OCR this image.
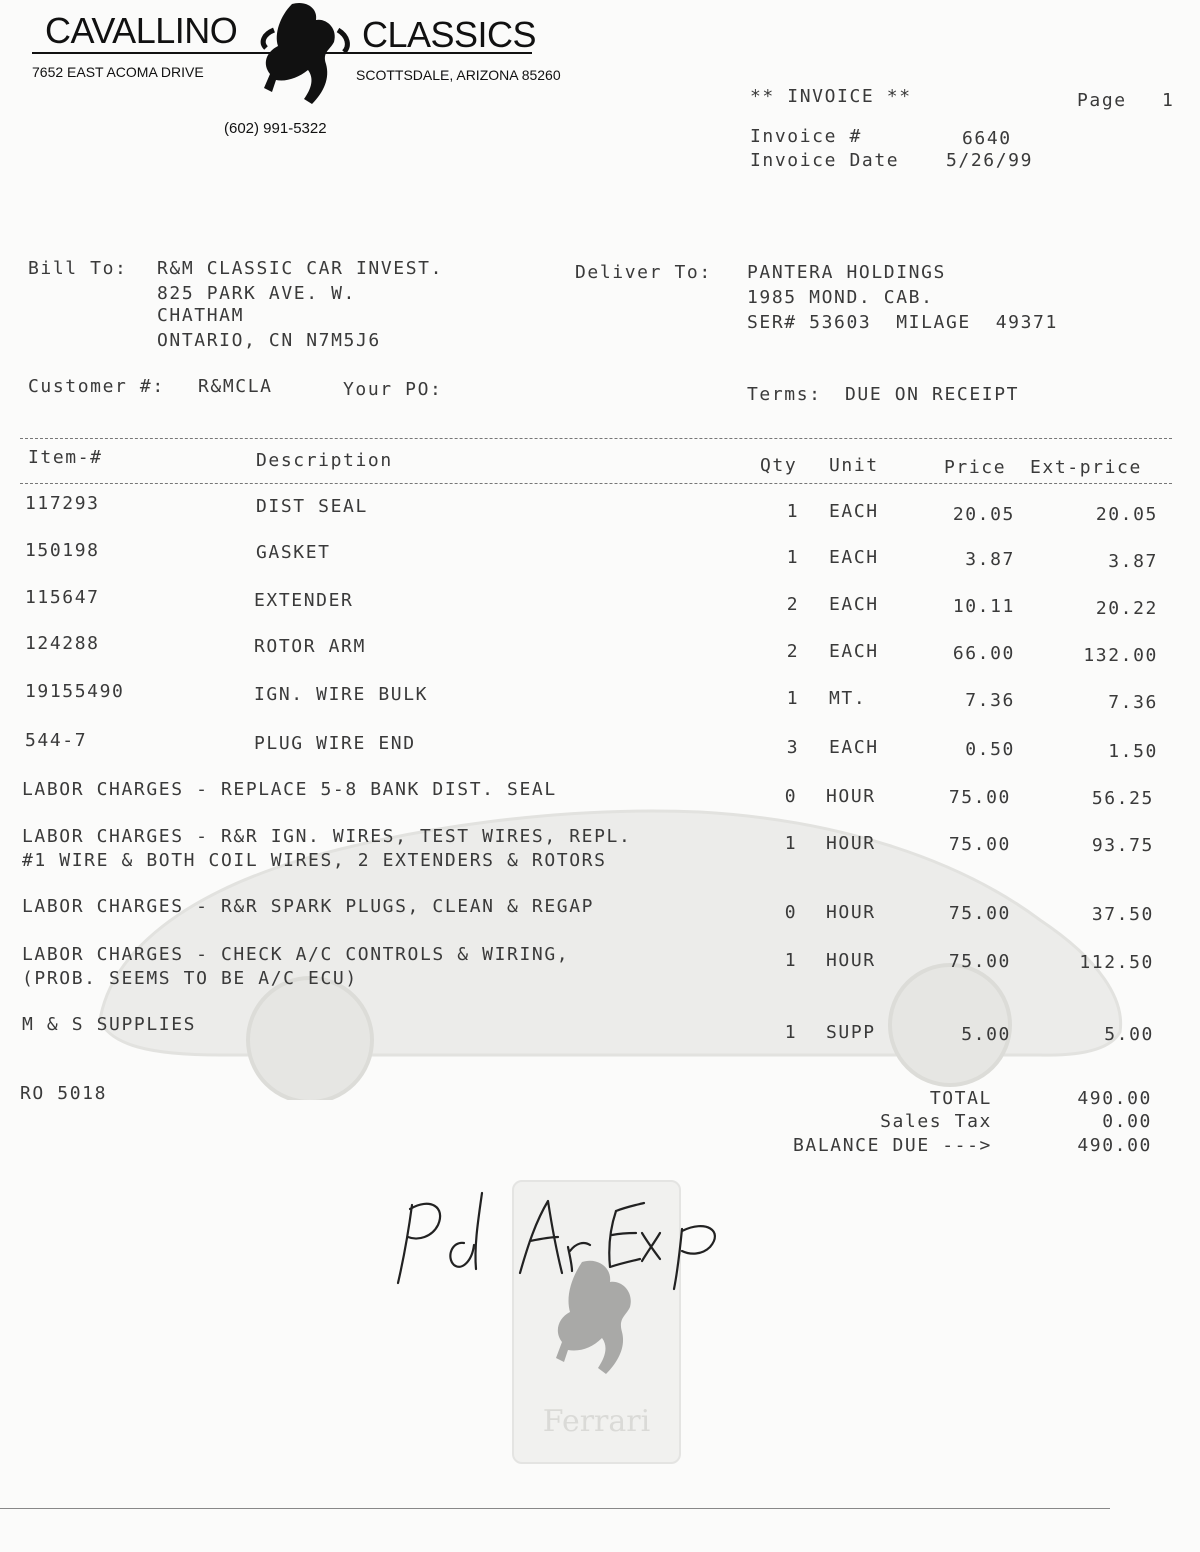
Ferrari

CAVALLINO	CLASSICS
7652 EAST ACOMA DRIVE	SCOTTSDALE, ARIZONA 85260
(602) 991-5322
** INVOICE **	Page 1
Invoice #	6640
Invoice Date	5/26/99
Bill To: R&M CLASSIC CAR INVEST.
825 PARK AVE. W.
CHATHAM
ONTARIO, CN N7M5J6
Deliver To: PANTERA HOLDINGS
1985 MOND. CAB.
SER# 53603  MILAGE  49371
Customer #: R&MCLA	Your PO:	Terms: DUE ON RECEIPT
Item-#	Description	Qty Unit	Price Ext-price
117293	DIST SEAL	1	EACH	20.05	20.05
150198	GASKET	1	EACH	3.87	3.87
115647	EXTENDER	2	EACH	10.11	20.22
124288	ROTOR ARM	2	EACH	66.00	132.00
19155490	IGN. WIRE BULK	1	MT.	7.36	7.36
544-7	PLUG WIRE END	3	EACH	0.50	1.50
LABOR CHARGES - REPLACE 5-8 BANK DIST. SEAL	0	HOUR	75.00	56.25
LABOR CHARGES - R&R IGN. WIRES, TEST WIRES, REPL.
#1 WIRE & BOTH COIL WIRES, 2 EXTENDERS & ROTORS
1	HOUR	75.00	93.75
LABOR CHARGES - R&R SPARK PLUGS, CLEAN & REGAP	0	HOUR	75.00	37.50
LABOR CHARGES - CHECK A/C CONTROLS & WIRING,
(PROB. SEEMS TO BE A/C ECU)
1	HOUR	75.00	112.50
M & S SUPPLIES	1	SUPP	5.00	5.00
RO 5018	TOTAL	490.00
Sales Tax	0.00
BALANCE DUE --->	490.00
